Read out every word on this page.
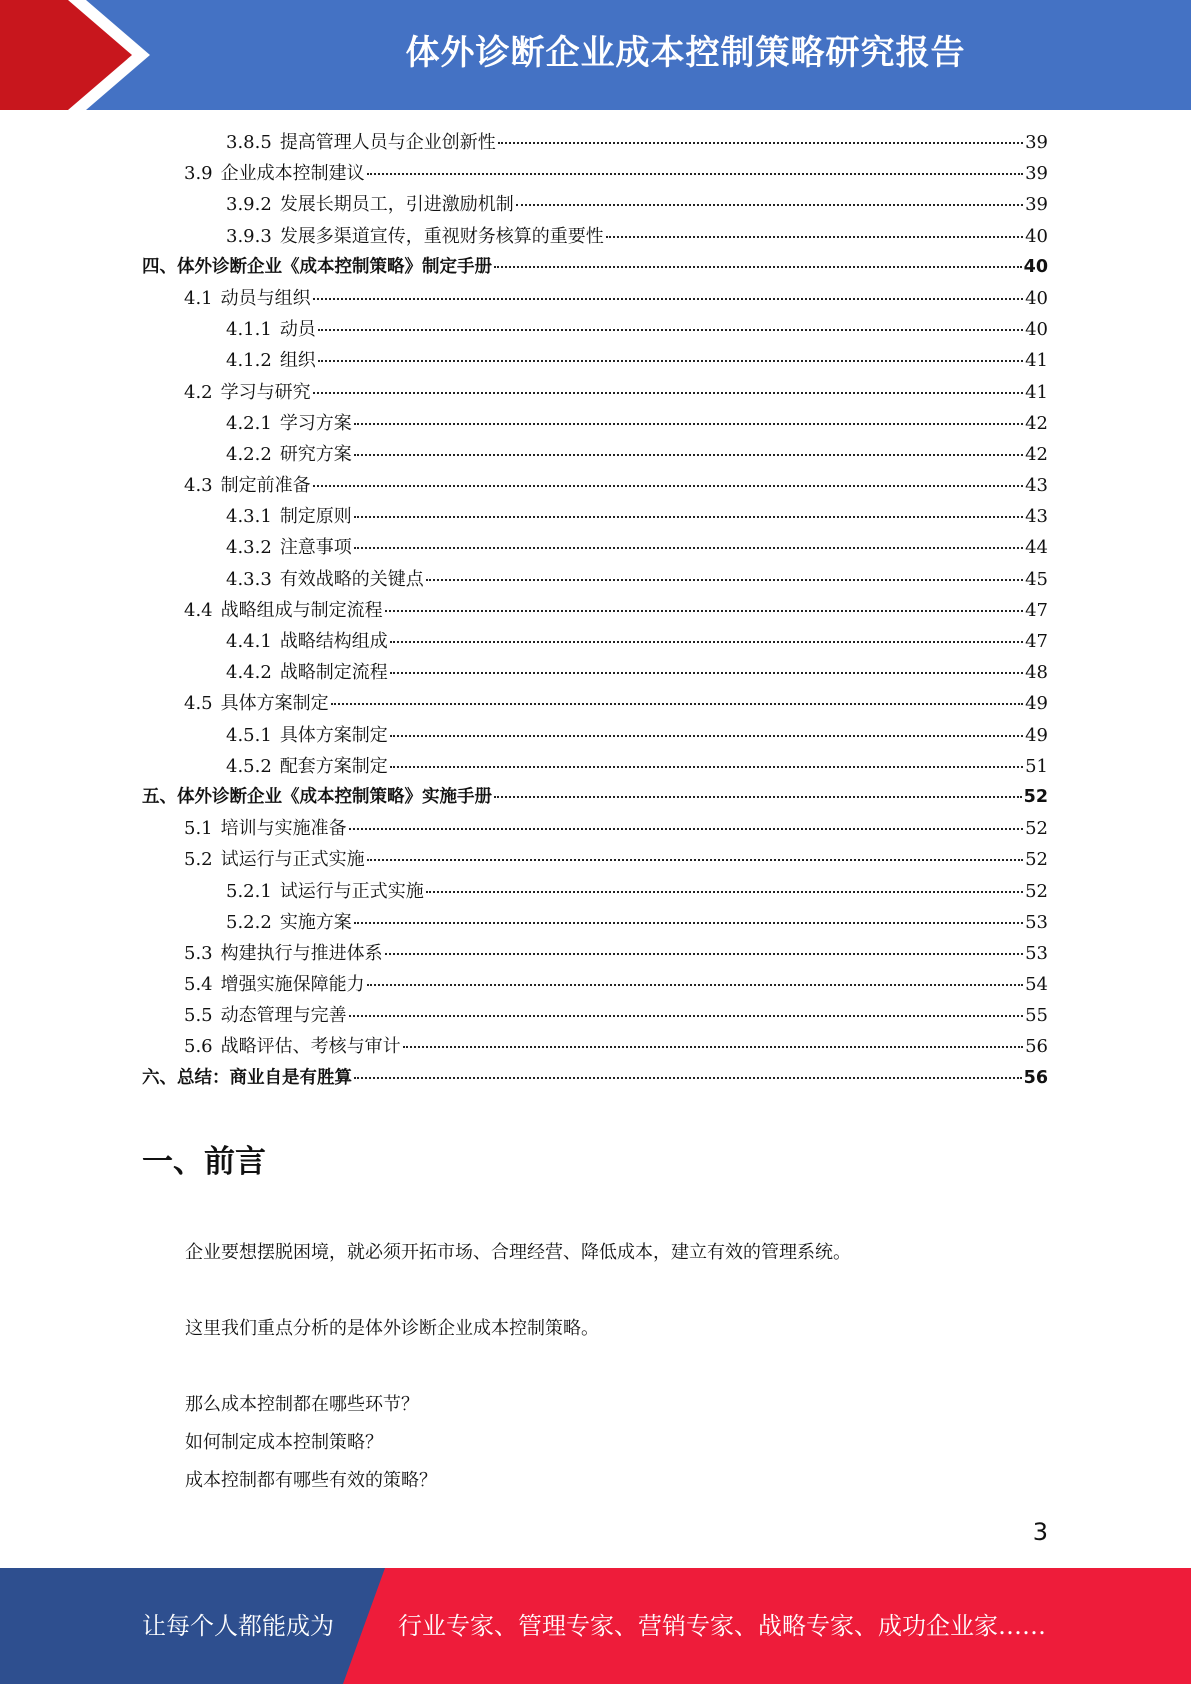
体外诊断企业成本控制策略研究报告
3.8.5 提高管理人员与企业创新性	39
3.9 企业成本控制建议	39
3.9.2 发展长期员工，引进激励机制	39
3.9.3 发展多渠道宣传，重视财务核算的重要性	40
四、体外诊断企业《成本控制策略》制定手册	40
4.1 动员与组织	40
4.1.1 动员	40
4.1.2 组织	41
4.2 学习与研究	41
4.2.1 学习方案	42
4.2.2 研究方案	42
4.3 制定前准备	43
4.3.1 制定原则	43
4.3.2 注意事项	44
4.3.3 有效战略的关键点	45
4.4 战略组成与制定流程	47
4.4.1 战略结构组成	47
4.4.2 战略制定流程	48
4.5 具体方案制定	49
4.5.1 具体方案制定	49
4.5.2 配套方案制定	51
五、体外诊断企业《成本控制策略》实施手册	52
5.1 培训与实施准备	52
5.2 试运行与正式实施	52
5.2.1 试运行与正式实施	52
5.2.2 实施方案	53
5.3 构建执行与推进体系	53
5.4 增强实施保障能力	54
5.5 动态管理与完善	55
5.6 战略评估、考核与审计	56
六、总结：商业自是有胜算	56
一、前言
企业要想摆脱困境，就必须开拓市场、合理经营、降低成本，建立有效的管理系统。
这里我们重点分析的是体外诊断企业成本控制策略。
那么成本控制都在哪些环节？
如何制定成本控制策略？
成本控制都有哪些有效的策略？
3
让每个人都能成为	行业专家、管理专家、营销专家、战略专家、成功企业家……
